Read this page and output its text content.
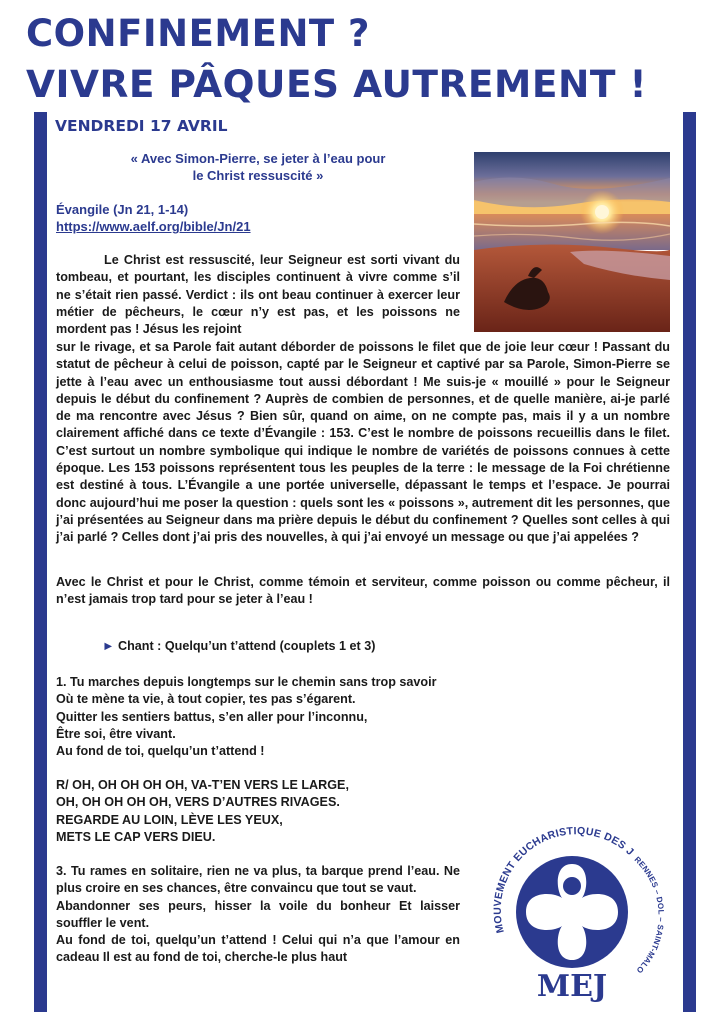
CONFINEMENT ?
VIVRE PÂQUES AUTREMENT !
VENDREDI 17 AVRIL
« Avec Simon-Pierre, se jeter à l’eau pour
le Christ ressuscité »
Évangile (Jn 21, 1-14)
https://www.aelf.org/bible/Jn/21

Le Christ est ressuscité, leur Seigneur est sorti vivant du tombeau, et pourtant, les disciples continuent à vivre comme s’il ne s’était rien passé. Verdict : ils ont beau continuer à exercer leur métier de pêcheurs, le cœur n’y est pas, et les poissons ne mordent pas ! Jésus les rejoint

sur le rivage, et sa Parole fait autant déborder de poissons le filet que de joie leur cœur ! Passant du statut de pêcheur à celui de poisson, capté par le Seigneur et captivé par sa Parole, Simon-Pierre se jette à l’eau avec un enthousiasme tout aussi débordant ! Me suis-je « mouillé » pour le Seigneur depuis le début du confinement ? Auprès de combien de personnes, et de quelle manière, ai-je parlé de ma rencontre avec Jésus ? Bien sûr, quand on aime, on ne compte pas, mais il y a un nombre clairement affiché dans ce texte d’Évangile : 153. C’est le nombre de poissons recueillis dans le filet. C’est surtout un nombre symbolique qui indique le nombre de variétés de poissons connues à cette époque. Les 153 poissons représentent tous les peuples de la terre : le message de la Foi chrétienne est destiné à tous. L’Évangile a une portée universelle, dépassant le temps et l’espace. Je pourrai donc aujourd’hui me poser la question : quels sont les « poissons », autrement dit les personnes, que j’ai présentées au Seigneur dans ma prière depuis le début du confinement ? Quelles sont celles à qui j’ai parlé ? Celles dont j’ai pris des nouvelles, à qui j’ai envoyé un message ou que j’ai appelées ?

Avec le Christ et pour le Christ, comme témoin et serviteur, comme poisson ou comme pêcheur, il n’est jamais trop tard pour se jeter à l’eau !

► Chant : Quelqu’un t’attend (couplets 1 et 3)
1. Tu marches depuis longtemps sur le chemin sans trop savoir
Où te mène ta vie, à tout copier, tes pas s’égarent.
Quitter les sentiers battus, s’en aller pour l’inconnu,
Être soi, être vivant.
Au fond de toi, quelqu’un t’attend !
R/ OH, OH OH OH OH, VA-T’EN VERS LE LARGE,
OH, OH OH OH OH, VERS D’AUTRES RIVAGES.
REGARDE AU LOIN, LÈVE LES YEUX,
METS LE CAP VERS DIEU.
3. Tu rames en solitaire, rien ne va plus, ta barque prend l’eau. Ne plus croire en ses chances, être convaincu que tout se vaut.
Abandonner ses peurs, hisser la voile du bonheur Et laisser souffler le vent.
Au fond de toi, quelqu’un t’attend ! Celui qui n’a que l’amour en cadeau Il est au fond de toi, cherche-le plus haut
MOUVEMENT EUCHARISTIQUE DES J
RENNES – DOL – SAINT-MALO
MEJ
